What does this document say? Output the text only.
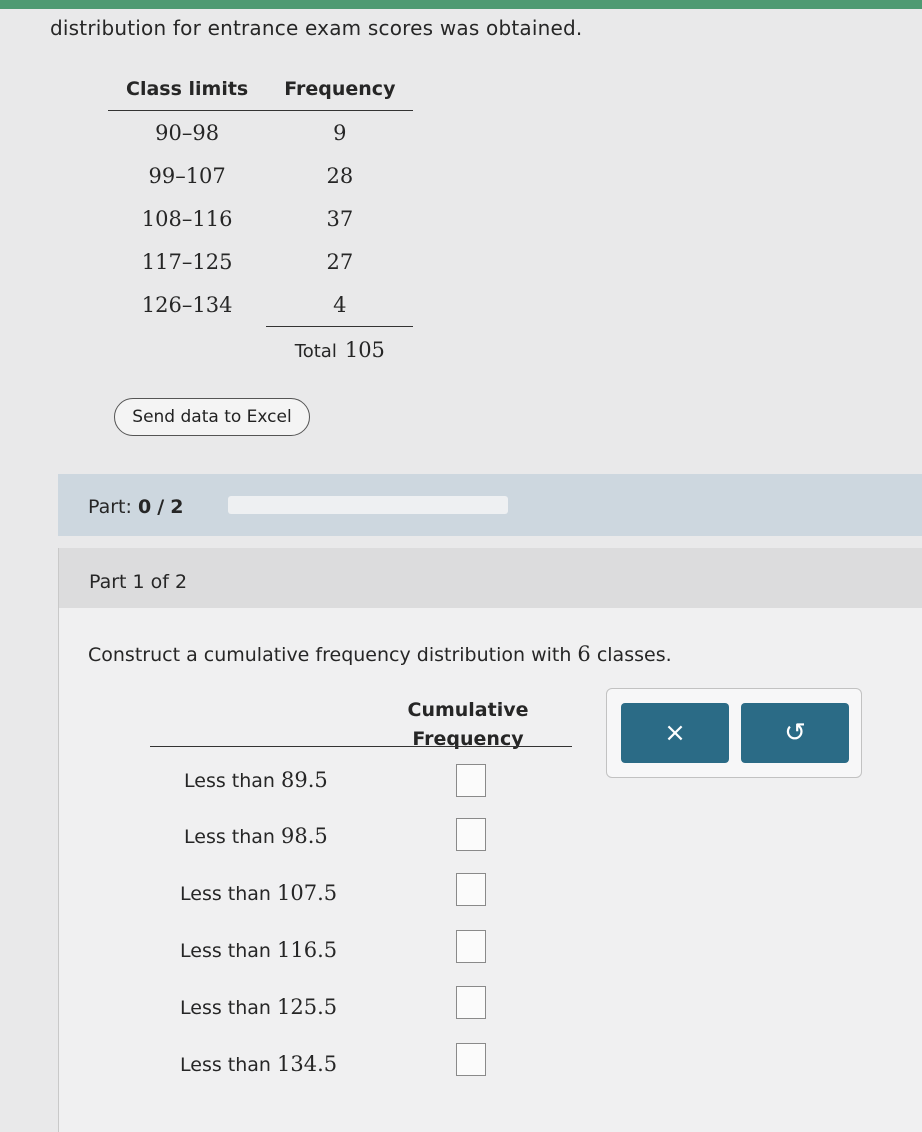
distribution for entrance exam scores was obtained.
Class limits	Frequency
90–98	9
99–107	28
108–116	37
117–125	27
126–134	4
	Total 105
Send data to Excel
Part: 0 / 2
Part 1 of 2
Construct a cumulative frequency distribution with 6 classes.
Cumulative
Frequency
Less than 89.5
Less than 98.5
Less than 107.5
Less than 116.5
Less than 125.5
Less than 134.5
×	↺
